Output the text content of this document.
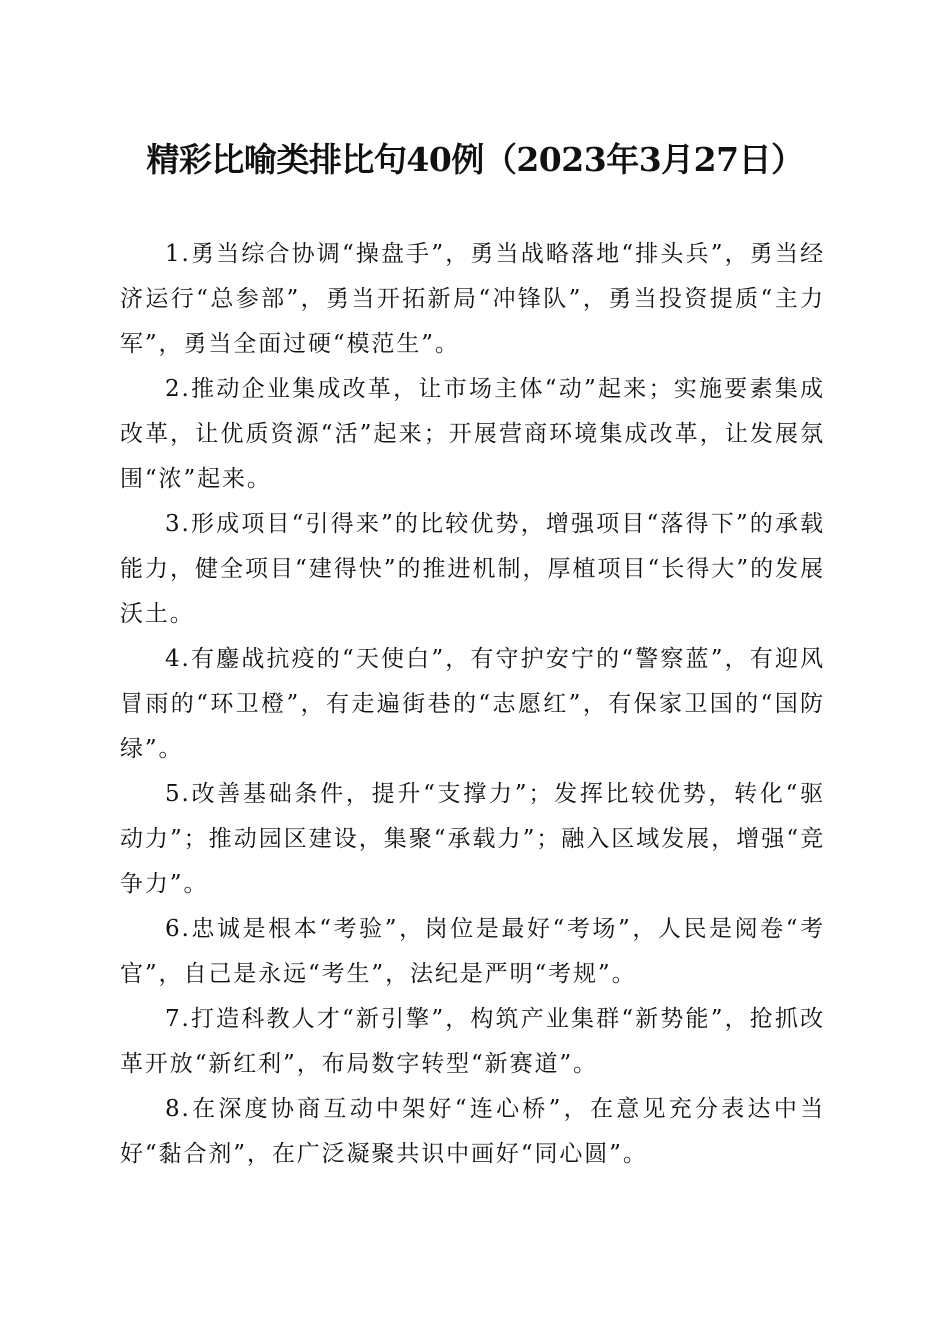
精彩比喻类排比句40例（2023年3月27日）

1.勇当综合协调“操盘手”，勇当战略落地“排头兵”，勇当经济运行“总参部”，勇当开拓新局“冲锋队”，勇当投资提质“主力军”，勇当全面过硬“模范生”。

2.推动企业集成改革，让市场主体“动”起来；实施要素集成改革，让优质资源“活”起来；开展营商环境集成改革，让发展氛围“浓”起来。

3.形成项目“引得来”的比较优势，增强项目“落得下”的承载能力，健全项目“建得快”的推进机制，厚植项目“长得大”的发展沃土。

4.有鏖战抗疫的“天使白”，有守护安宁的“警察蓝”，有迎风冒雨的“环卫橙”，有走遍街巷的“志愿红”，有保家卫国的“国防绿”。

5.改善基础条件，提升“支撑力”；发挥比较优势，转化“驱动力”；推动园区建设，集聚“承载力”；融入区域发展，增强“竞争力”。

6.忠诚是根本“考验”，岗位是最好“考场”，人民是阅卷“考官”，自己是永远“考生”，法纪是严明“考规”。

7.打造科教人才“新引擎”，构筑产业集群“新势能”，抢抓改革开放“新红利”，布局数字转型“新赛道”。

8.在深度协商互动中架好“连心桥”，在意见充分表达中当好“黏合剂”，在广泛凝聚共识中画好“同心圆”。
